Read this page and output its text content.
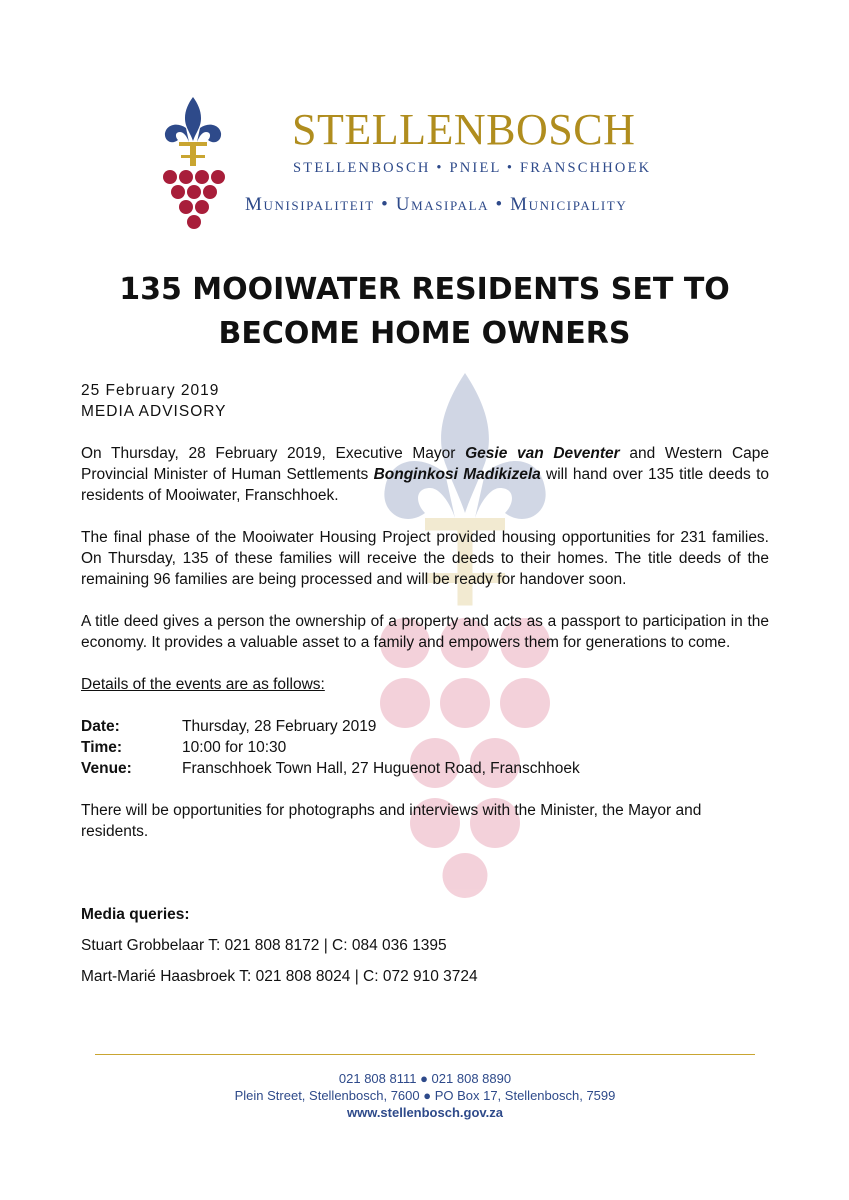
STELLENBOSCH
STELLENBOSCH • PNIEL • FRANSCHHOEK
Munisipaliteit • Umasipala • Municipality
135 MOOIWATER RESIDENTS SET TO
BECOME HOME OWNERS

25 February 2019

MEDIA ADVISORY

On Thursday, 28 February 2019, Executive Mayor Gesie van Deventer and Western Cape Provincial Minister of Human Settlements Bonginkosi Madikizela will hand over 135 title deeds to residents of Mooiwater, Franschhoek.

The final phase of the Mooiwater Housing Project provided housing opportunities for 231 families. On Thursday, 135 of these families will receive the deeds to their homes. The title deeds of the remaining 96 families are being processed and will be ready for handover soon.

A title deed gives a person the ownership of a property and acts as a passport to participation in the economy. It provides a valuable asset to a family and empowers them for generations to come.

Details of the events are as follows:

Date:	Thursday, 28 February 2019
Time:	10:00 for 10:30
Venue:	Franschhoek Town Hall, 27 Huguenot Road, Franschhoek

There will be opportunities for photographs and interviews with the Minister, the Mayor and residents.

Media queries:
Stuart Grobbelaar T: 021 808 8172 | C: 084 036 1395
Mart-Marié Haasbroek T: 021 808 8024 | C: 072 910 3724
021 808 8111 ● 021 808 8890
Plein Street, Stellenbosch, 7600 ● PO Box 17, Stellenbosch, 7599
www.stellenbosch.gov.za
